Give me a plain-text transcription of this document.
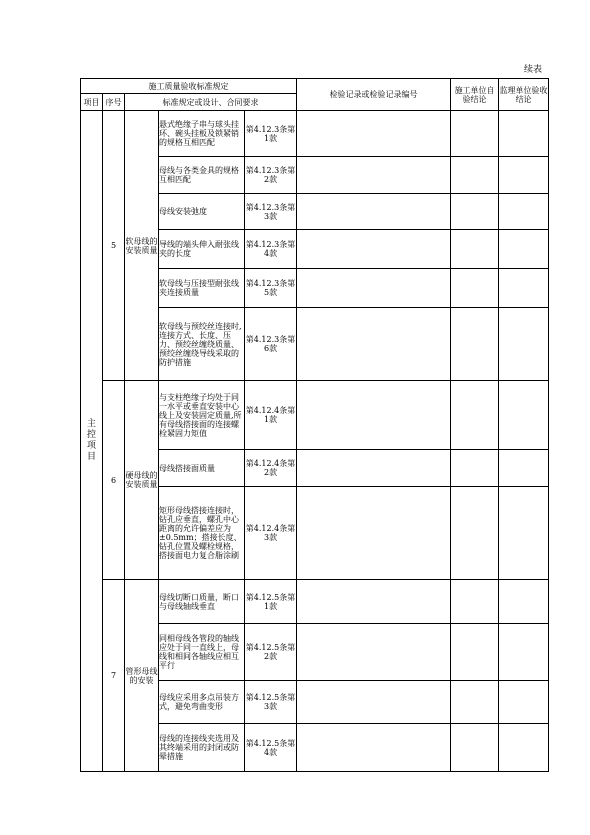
续表
施工质量验收标准规定					检验记录或检验记录编号	施工单位自验结论	监理单位验收结论
项目	序号	标准规定或设计、合同要求					
主控项目	5	软母线的安装质量	悬式绝缘子串与球头挂环、碗头挂板及锁紧销的规格互相匹配	第4.12.3条第1款			
			母线与各类金具的规格互相匹配	第4.12.3条第2款			
			母线安装弛度	第4.12.3条第3款			
			导线的端头伸入耐张线夹的长度	第4.12.3条第4款			
			软母线与压接型耐张线夹连接质量	第4.12.3条第5款			
			软母线与预绞丝连接时,连接方式、长度、压力、预绞丝缠绕质量、预绞丝缠绕导线采取的防护措施	第4.12.3条第6款			
	6	硬母线的安装质量	与支柱绝缘子均处于同一水平或垂直安装中心线上及安装固定质量,所有母线搭接面的连接螺栓紧固力矩值	第4.12.4条第1款			
			母线搭接面质量	第4.12.4条第2款			
			矩形母线搭接连接时，钻孔应垂直，螺孔中心距离的允许偏差应为±0.5mm；搭接长度、钻孔位置及螺栓规格，搭接面电力复合脂涂刷	第4.12.4条第3款			
	7	管形母线的安装	母线切断口质量，断口与母线轴线垂直	第4.12.5条第1款			
			同相母线各管段的轴线应处于同一直线上，母线和相间各轴线应相互平行	第4.12.5条第2款			
			母线应采用多点吊装方式，避免弯曲变形	第4.12.5条第3款			
			母线的连接线夹选用及其终端采用的封闭或防晕措施	第4.12.5条第4款			
